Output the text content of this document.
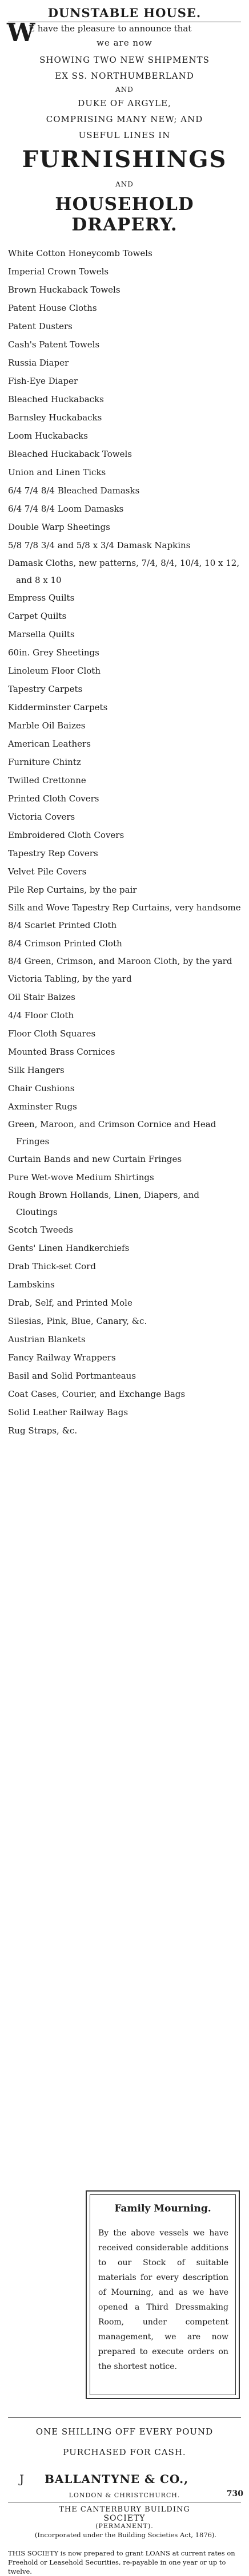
DUNSTABLE HOUSE.
W
E have the pleasure to announce that
we are now
SHOWING TWO NEW SHIPMENTS
EX SS. NORTHUMBERLAND
AND
DUKE OF ARGYLE,
COMPRISING MANY NEW; AND
USEFUL LINES IN
FURNISHINGS
AND
HOUSEHOLD DRAPERY.
White Cotton Honeycomb Towels
Imperial Crown Towels
Brown Huckaback Towels
Patent House Cloths
Patent Dusters
Cash's Patent Towels
Russia Diaper
Fish-Eye Diaper
Bleached Huckabacks
Barnsley Huckabacks
Loom Huckabacks
Bleached Huckaback Towels
Union and Linen Ticks
6/4 7/4 8/4 Bleached Damasks
6/4 7/4 8/4 Loom Damasks
Double Warp Sheetings
5/8 7/8 3/4 and 5/8 x 3/4 Damask Napkins
Damask Cloths, new patterns, 7/4, 8/4, 10/4, 10 x 12, and 8 x 10
Empress Quilts
Carpet Quilts
Marsella Quilts
60in. Grey Sheetings
Linoleum Floor Cloth
Tapestry Carpets
Kidderminster Carpets
Marble Oil Baizes
American Leathers
Furniture Chintz
Twilled Crettonne
Printed Cloth Covers
Victoria Covers
Embroidered Cloth Covers
Tapestry Rep Covers
Velvet Pile Covers
Pile Rep Curtains, by the pair
Silk and Wove Tapestry Rep Curtains, very handsome
8/4 Scarlet Printed Cloth
8/4 Crimson Printed Cloth
8/4 Green, Crimson, and Maroon Cloth, by the yard
Victoria Tabling, by the yard
Oil Stair Baizes
4/4 Floor Cloth
Floor Cloth Squares
Mounted Brass Cornices
Silk Hangers
Chair Cushions
Axminster Rugs
Green, Maroon, and Crimson Cornice and Head Fringes
Curtain Bands and new Curtain Fringes
Pure Wet-wove Medium Shirtings
Rough Brown Hollands, Linen, Diapers, and Cloutings
Scotch Tweeds
Gents' Linen Handkerchiefs
Drab Thick-set Cord
Lambskins
Drab, Self, and Printed Mole
Silesias, Pink, Blue, Canary, &c.
Austrian Blankets
Fancy Railway Wrappers
Basil and Solid Portmanteaus
Coat Cases, Courier, and Exchange Bags
Solid Leather Railway Bags
Rug Straps, &c.
Family Mourning.
By the above vessels we have received considerable additions to our Stock of suitable materials for every description of Mourning, and as we have opened a Third Dressmaking Room, under competent management, we are now prepared to execute orders on the shortest notice.
ONE SHILLING OFF EVERY POUND
PURCHASED FOR CASH.
J BALLANTYNE & CO.,
LONDON & CHRISTCHURCH.	730
THE CANTERBURY BUILDING
SOCIETY
(PERMANENT).
(Incorporated under the Building Societies Act, 1876).
THIS SOCIETY is now prepared to grant LOANS at current rates on Freehold or Leasehold Securities, re-payable in one year or up to twelve.
